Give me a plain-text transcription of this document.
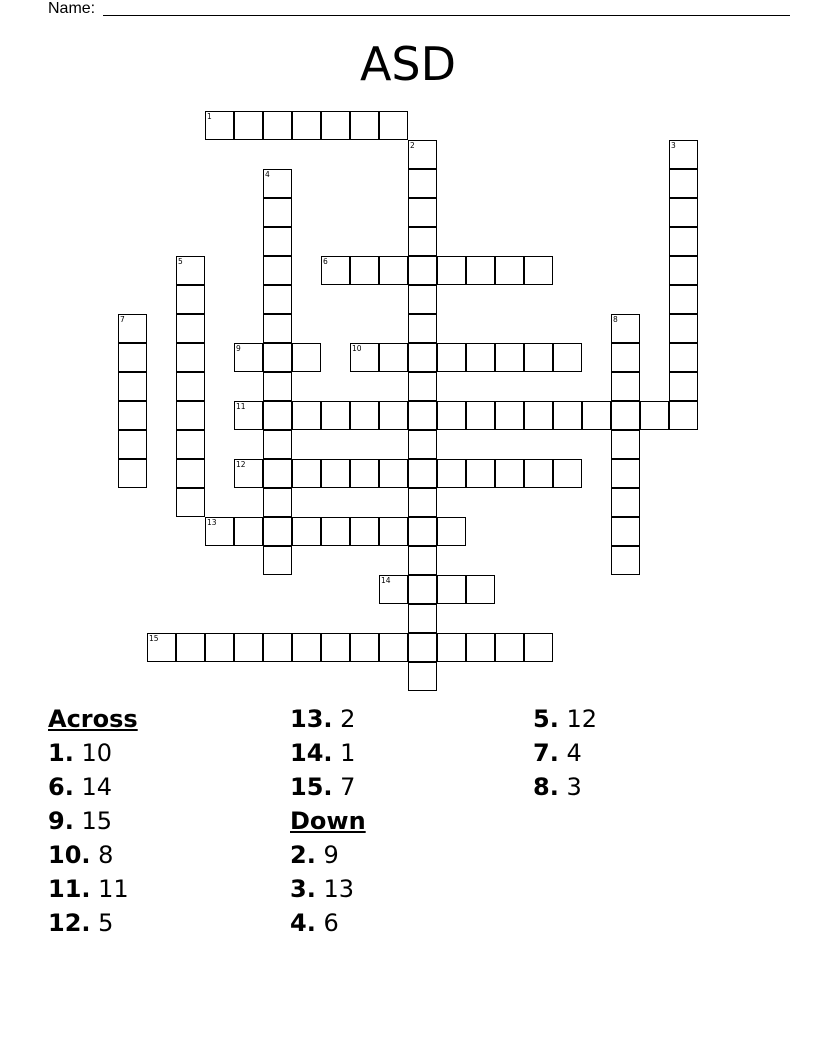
Name:
ASD
1
2	3
4
5	6
7	8
9	10
11
12
13
14
15
Across
1. 10
6. 14
9. 15
10. 8
11. 11
12. 5
13. 2
14. 1
15. 7
Down
2. 9
3. 13
4. 6
5. 12
7. 4
8. 3
